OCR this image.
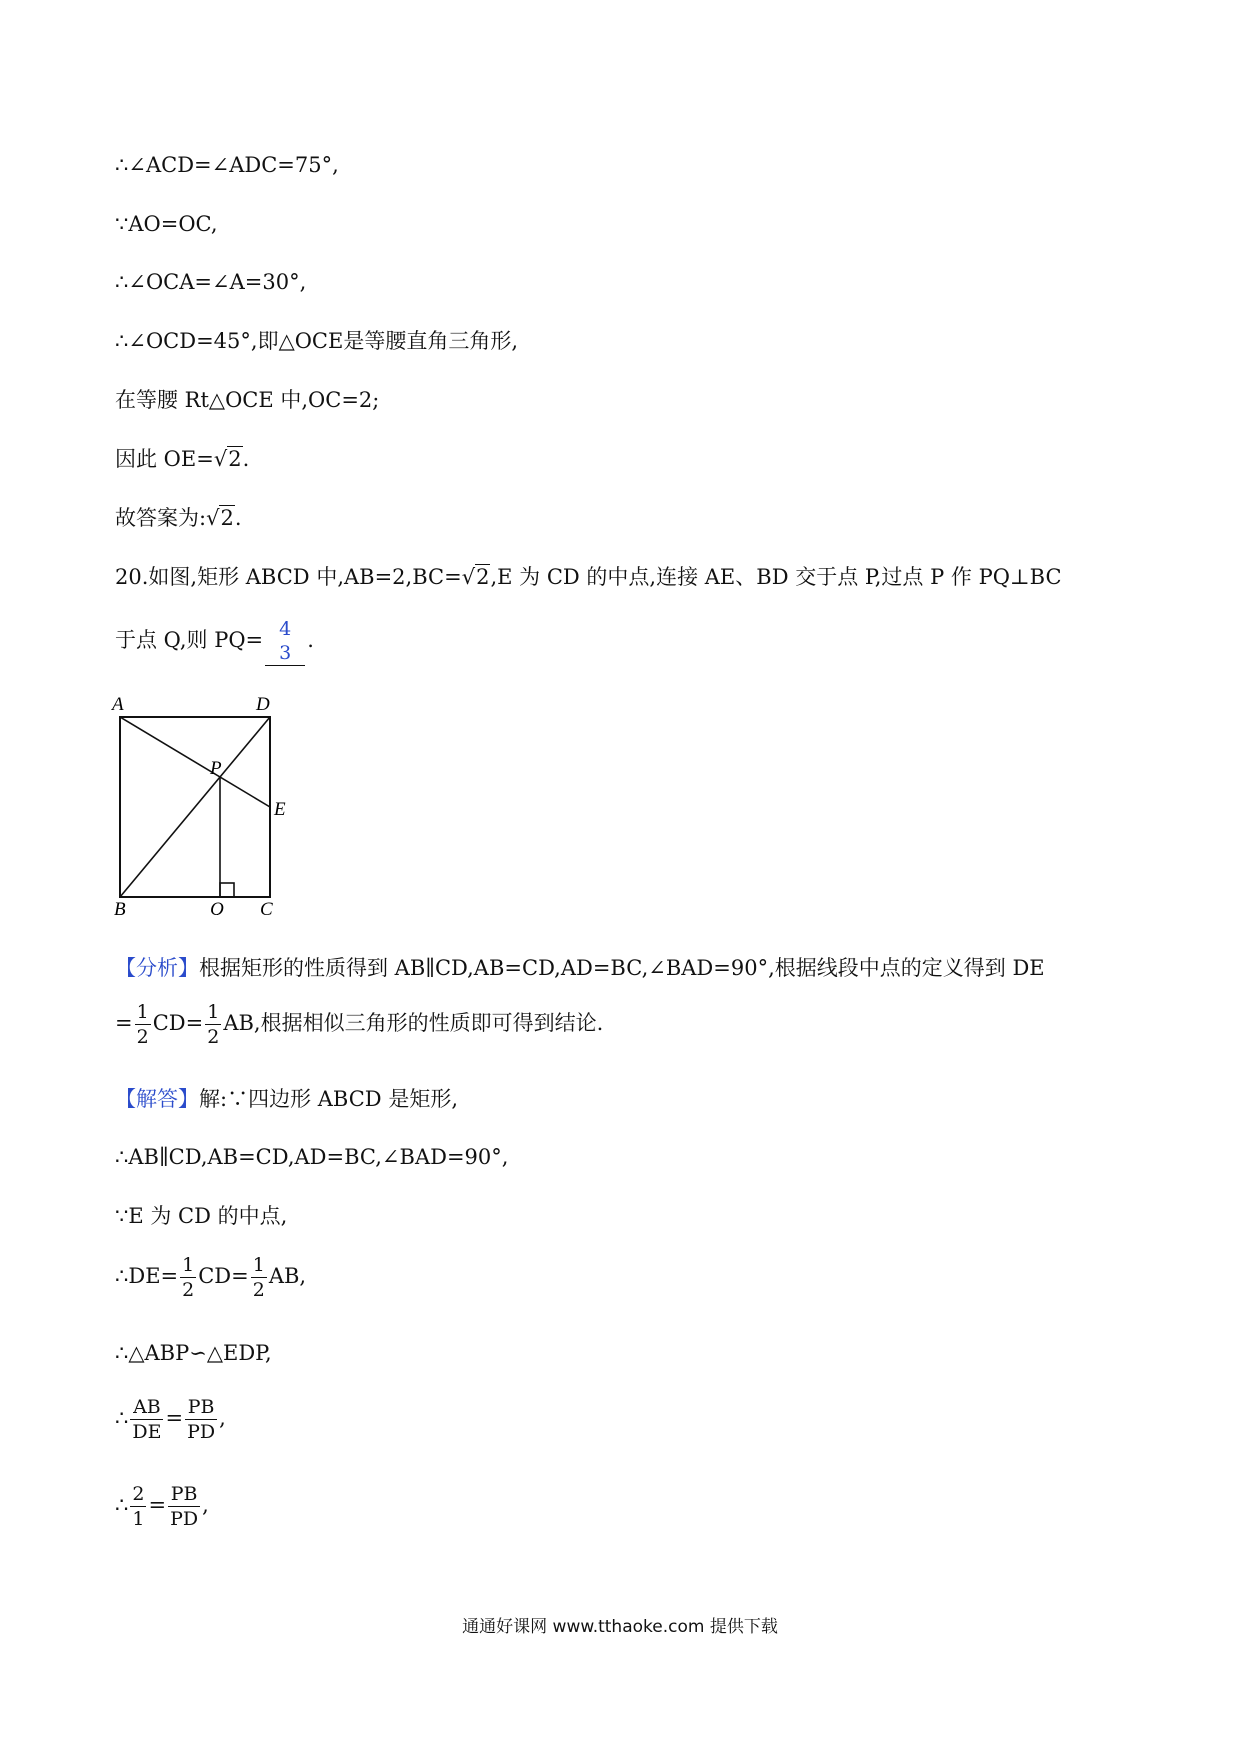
∴∠ACD=∠ADC=75°,
∵AO=OC,
∴∠OCA=∠A=30°,
∴∠OCD=45°,即△OCE是等腰直角三角形,
在等腰 Rt△OCE 中,OC=2;
因此 OE=√2.
故答案为:√2.
20.如图,矩形 ABCD 中,AB=2,BC=√2,E 为 CD 的中点,连接 AE、BD 交于点 P,过点 P 作 PQ⊥BC
于点 Q,则 PQ= 4
3
.
A	D
P
E
B	Q C
【分析】根据矩形的性质得到 AB∥CD,AB=CD,AD=BC,∠BAD=90°,根据线段中点的定义得到 DE
= $\frac{1}{2} CD= \frac{1}{2}$ AB,根据相似三角形的性质即可得到结论.
【解答】解:∵四边形 ABCD 是矩形,
∴AB∥CD,AB=CD,AD=BC,∠BAD=90°,
∵E 为 CD 的中点,
∴DE= $\frac{1}{2} CD= \frac{1}{2}$ AB,
∴△ABP∽△EDP,
∴ $\frac{AB}{DE} = \frac{PB}{PD}$ ,
∴ $\frac{2}{1} = \frac{PB}{PD}$ ,
通通好课网 www.tthaoke.com 提供下载
